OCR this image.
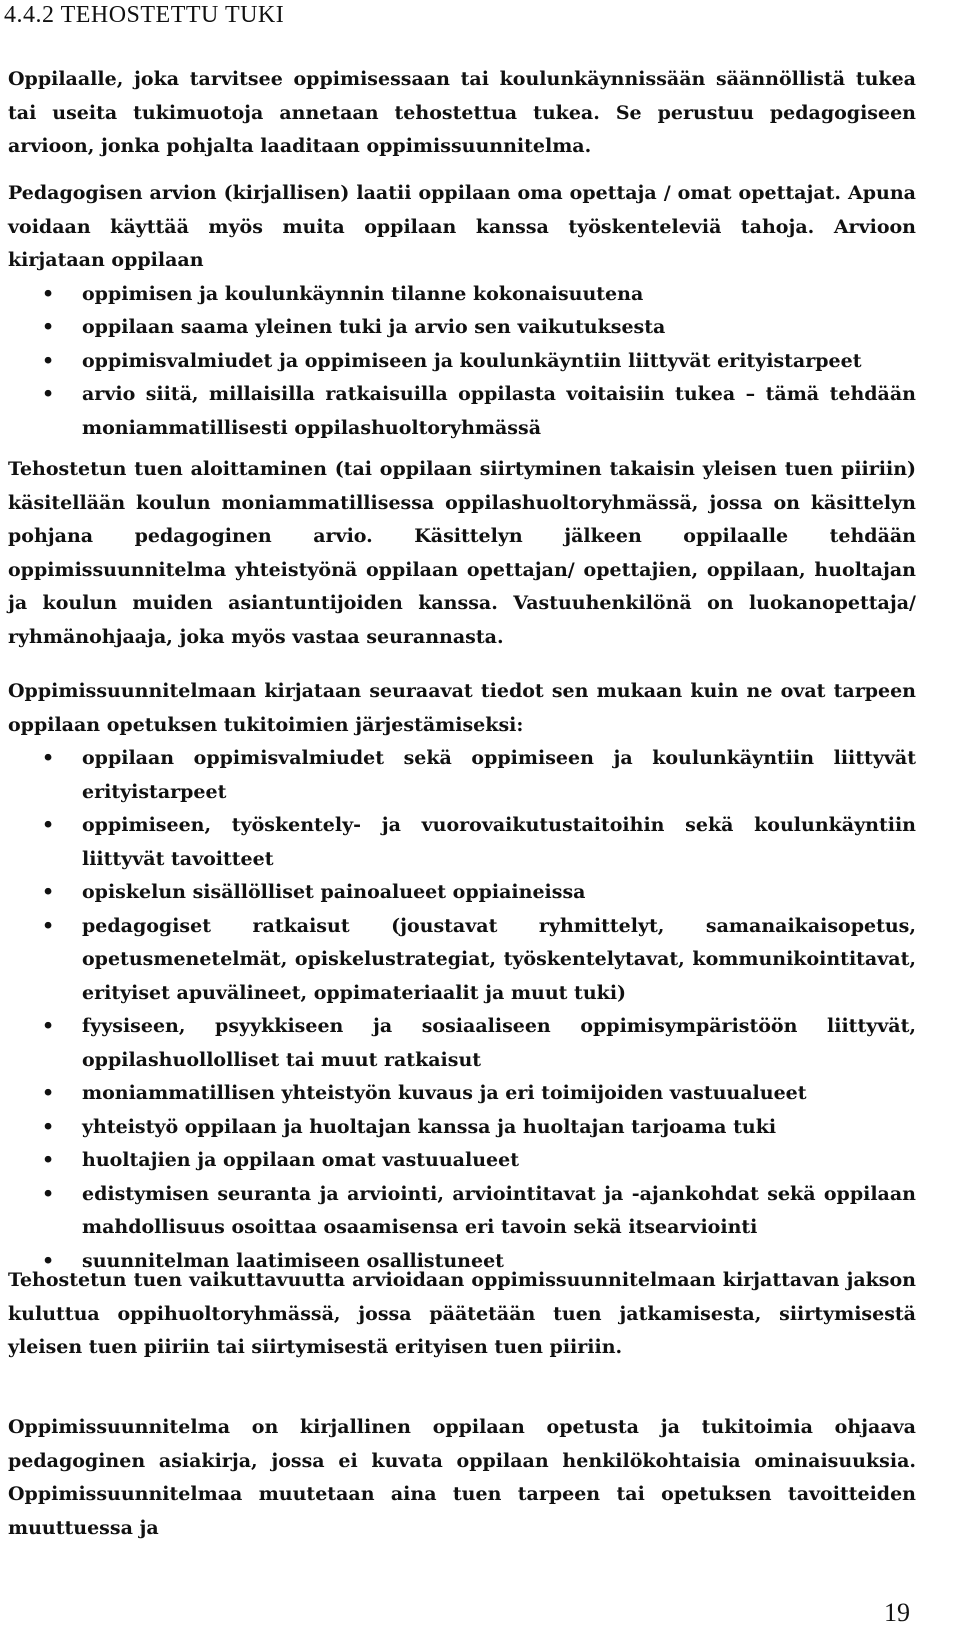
4.4.2 TEHOSTETTU TUKI

Oppilaalle, joka tarvitsee oppimisessaan tai koulunkäynnissään säännöllistä tukea tai useita tukimuotoja annetaan tehostettua tukea. Se perustuu pedagogiseen arvioon, jonka pohjalta laaditaan oppimissuunnitelma.

Pedagogisen arvion (kirjallisen) laatii oppilaan oma opettaja / omat opettajat. Apuna voidaan käyttää myös muita oppilaan kanssa työskenteleviä tahoja. Arvioon kirjataan oppilaan

• oppimisen ja koulunkäynnin tilanne kokonaisuutena
• oppilaan saama yleinen tuki ja arvio sen vaikutuksesta
• oppimisvalmiudet ja oppimiseen ja koulunkäyntiin liittyvät erityistarpeet
• arvio siitä, millaisilla ratkaisuilla oppilasta voitaisiin tukea – tämä tehdään moniammatillisesti oppilashuoltoryhmässä

Tehostetun tuen aloittaminen (tai oppilaan siirtyminen takaisin yleisen tuen piiriin) käsitellään koulun moniammatillisessa oppilashuoltoryhmässä, jossa on käsittelyn pohjana pedagoginen arvio. Käsittelyn jälkeen oppilaalle tehdään oppimissuunnitelma yhteistyönä oppilaan opettajan/ opettajien, oppilaan, huoltajan ja koulun muiden asiantuntijoiden kanssa. Vastuuhenkilönä on luokanopettaja/ ryhmänohjaaja, joka myös vastaa seurannasta.

Oppimissuunnitelmaan kirjataan seuraavat tiedot sen mukaan kuin ne ovat tarpeen oppilaan opetuksen tukitoimien järjestämiseksi:

• oppilaan oppimisvalmiudet sekä oppimiseen ja koulunkäyntiin liittyvät erityistarpeet
• oppimiseen, työskentely- ja vuorovaikutustaitoihin sekä koulunkäyntiin liittyvät tavoitteet
• opiskelun sisällölliset painoalueet oppiaineissa
• pedagogiset ratkaisut (joustavat ryhmittelyt, samanaikaisopetus, opetusmenetelmät, opiskelustrategiat, työskentelytavat, kommunikointitavat, erityiset apuvälineet, oppimateriaalit ja muut tuki)
• fyysiseen, psyykkiseen ja sosiaaliseen oppimisympäristöön liittyvät, oppilashuollolliset tai muut ratkaisut
• moniammatillisen yhteistyön kuvaus ja eri toimijoiden vastuualueet
• yhteistyö oppilaan ja huoltajan kanssa ja huoltajan tarjoama tuki
• huoltajien ja oppilaan omat vastuualueet
• edistymisen seuranta ja arviointi, arviointitavat ja -ajankohdat sekä oppilaan mahdollisuus osoittaa osaamisensa eri tavoin sekä itsearviointi
• suunnitelman laatimiseen osallistuneet

Tehostetun tuen vaikuttavuutta arvioidaan oppimissuunnitelmaan kirjattavan jakson kuluttua oppihuoltoryhmässä, jossa päätetään tuen jatkamisesta, siirtymisestä yleisen tuen piiriin tai siirtymisestä erityisen tuen piiriin.

Oppimissuunnitelma on kirjallinen oppilaan opetusta ja tukitoimia ohjaava pedagoginen asiakirja, jossa ei kuvata oppilaan henkilökohtaisia ominaisuuksia. Oppimissuunnitelmaa muutetaan aina tuen tarpeen tai opetuksen tavoitteiden muuttuessa ja

19
